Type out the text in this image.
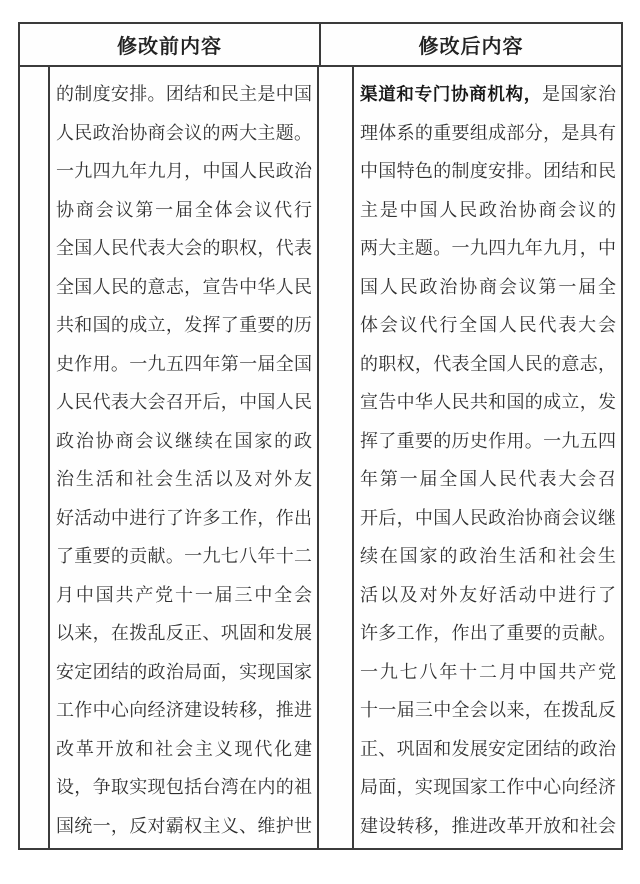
修改前内容	修改后内容
的制度安排。团结和民主是中国
人民政治协商会议的两大主题。
一九四九年九月，中国人民政治
协商会议第一届全体会议代行
全国人民代表大会的职权，代表
全国人民的意志，宣告中华人民
共和国的成立，发挥了重要的历
史作用。一九五四年第一届全国
人民代表大会召开后，中国人民
政治协商会议继续在国家的政
治生活和社会生活以及对外友
好活动中进行了许多工作，作出
了重要的贡献。一九七八年十二
月中国共产党十一届三中全会
以来，在拨乱反正、巩固和发展
安定团结的政治局面，实现国家
工作中心向经济建设转移，推进
改革开放和社会主义现代化建
设，争取实现包括台湾在内的祖
国统一，反对霸权主义、维护世
渠道和专门协商机构，是国家治
理体系的重要组成部分，是具有
中国特色的制度安排。团结和民
主是中国人民政治协商会议的
两大主题。一九四九年九月，中
国人民政治协商会议第一届全
体会议代行全国人民代表大会
的职权，代表全国人民的意志，
宣告中华人民共和国的成立，发
挥了重要的历史作用。一九五四
年第一届全国人民代表大会召
开后，中国人民政治协商会议继
续在国家的政治生活和社会生
活以及对外友好活动中进行了
许多工作，作出了重要的贡献。
一九七八年十二月中国共产党
十一届三中全会以来，在拨乱反
正、巩固和发展安定团结的政治
局面，实现国家工作中心向经济
建设转移，推进改革开放和社会
